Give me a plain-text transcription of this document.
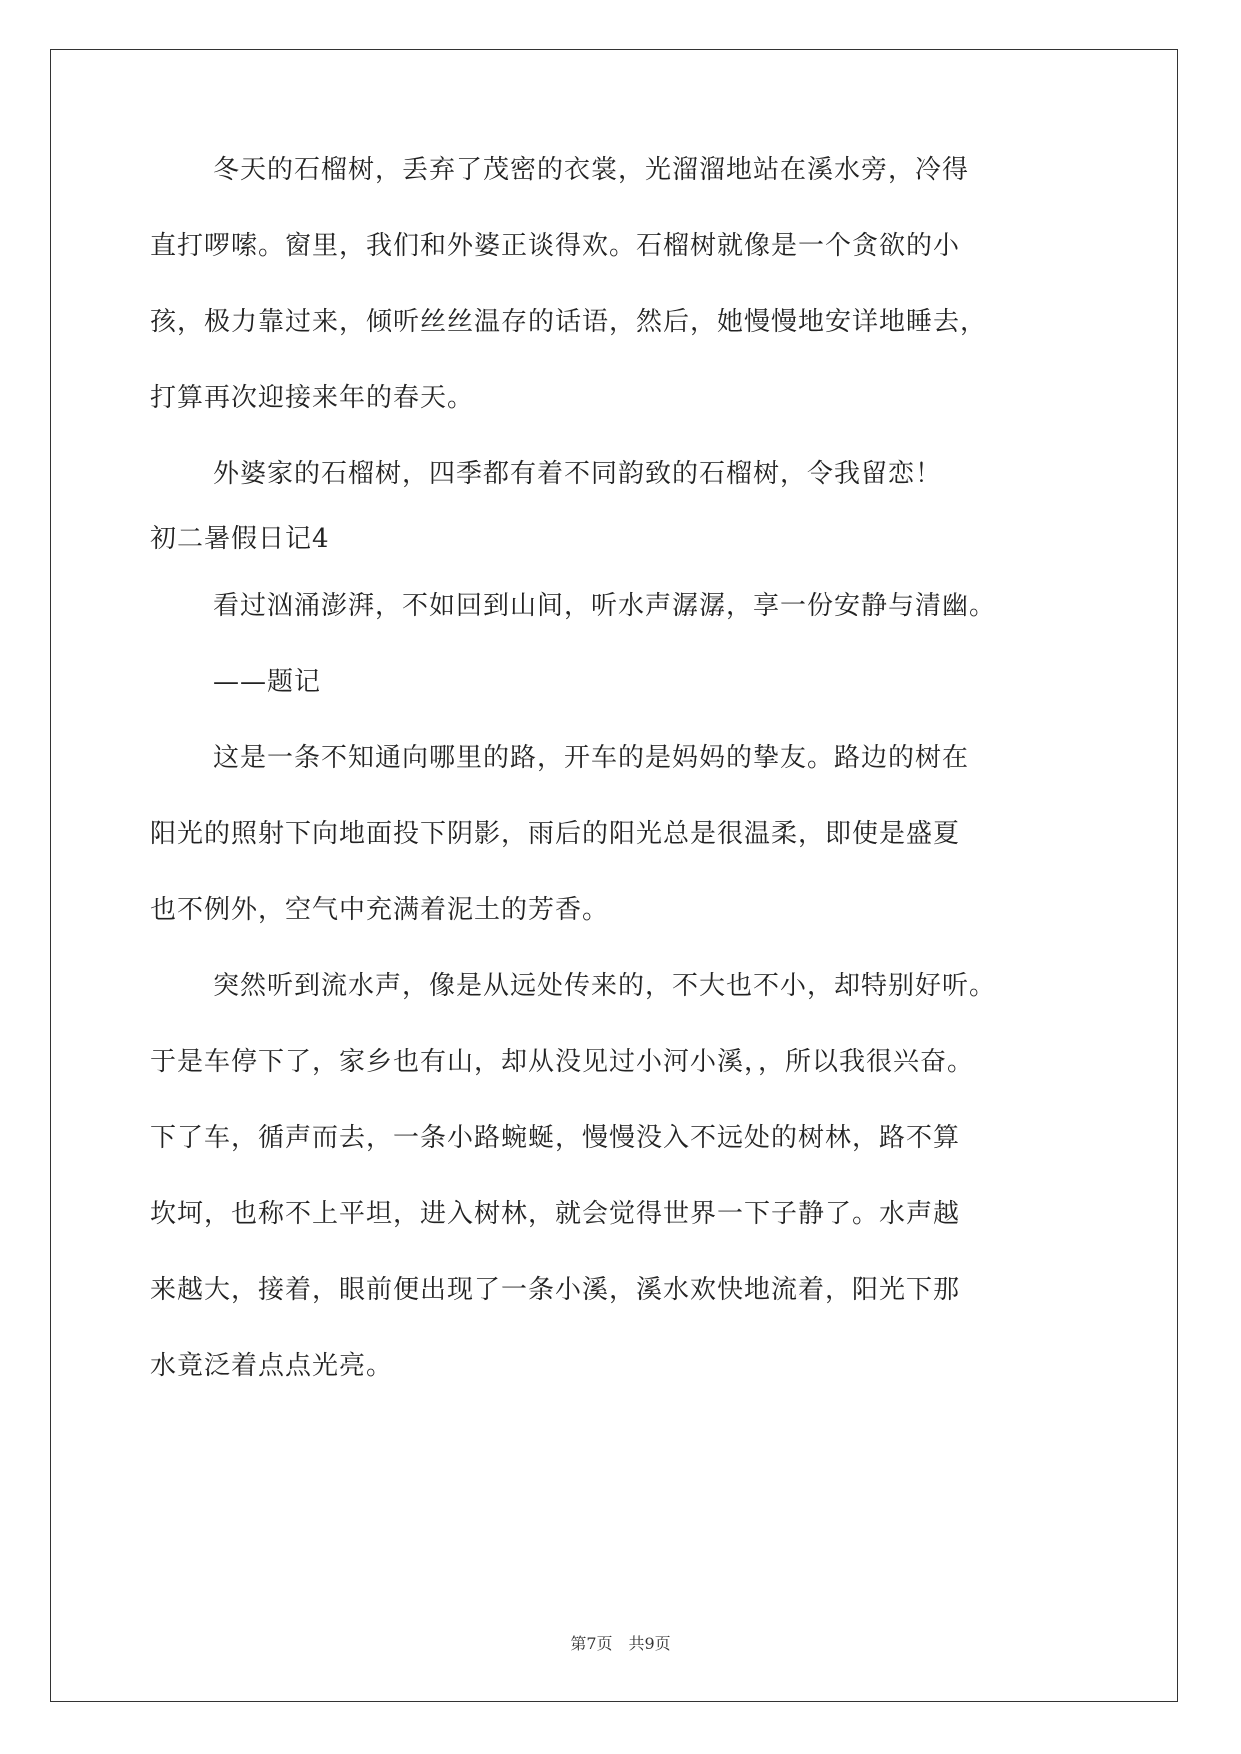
冬天的石榴树，丢弃了茂密的衣裳，光溜溜地站在溪水旁，冷得
直打啰嗦。窗里，我们和外婆正谈得欢。石榴树就像是一个贪欲的小
孩，极力靠过来，倾听丝丝温存的话语，然后，她慢慢地安详地睡去，
打算再次迎接来年的春天。
外婆家的石榴树，四季都有着不同韵致的石榴树，令我留恋！
初二暑假日记4
看过汹涌澎湃，不如回到山间，听水声潺潺，享一份安静与清幽。
——题记
这是一条不知通向哪里的路，开车的是妈妈的挚友。路边的树在
阳光的照射下向地面投下阴影，雨后的阳光总是很温柔，即使是盛夏
也不例外，空气中充满着泥土的芳香。
突然听到流水声，像是从远处传来的，不大也不小，却特别好听。
于是车停下了，家乡也有山，却从没见过小河小溪，，所以我很兴奋。
下了车，循声而去，一条小路蜿蜒，慢慢没入不远处的树林，路不算
坎坷，也称不上平坦，进入树林，就会觉得世界一下子静了。水声越
来越大，接着，眼前便出现了一条小溪，溪水欢快地流着，阳光下那
水竟泛着点点光亮。
第7页　共9页
